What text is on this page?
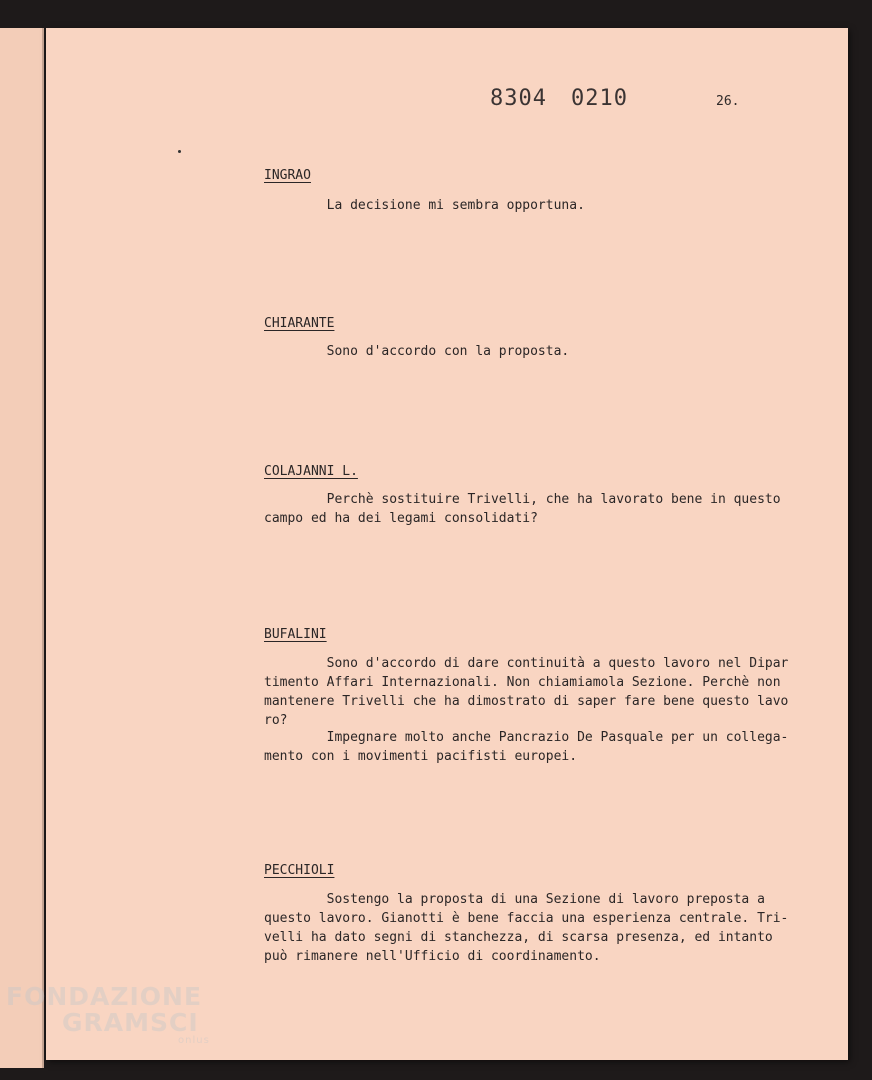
8304 0210	26.
INGRAO

La decisione mi sembra opportuna.

CHIARANTE

Sono d'accordo con la proposta.

COLAJANNI L.

Perchè sostituire Trivelli, che ha lavorato bene in questo
campo ed ha dei legami consolidati?

BUFALINI

Sono d'accordo di dare continuità a questo lavoro nel Dipar
timento Affari Internazionali. Non chiamiamola Sezione. Perchè non
mantenere Trivelli che ha dimostrato di saper fare bene questo lavo
ro?

Impegnare molto anche Pancrazio De Pasquale per un collega-
mento con i movimenti pacifisti europei.

PECCHIOLI

Sostengo la proposta di una Sezione di lavoro preposta a
questo lavoro. Gianotti è bene faccia una esperienza centrale. Tri-
velli ha dato segni di stanchezza, di scarsa presenza, ed intanto
può rimanere nell'Ufficio di coordinamento.

FONDAZIONE
GRAMSCI
onlus
